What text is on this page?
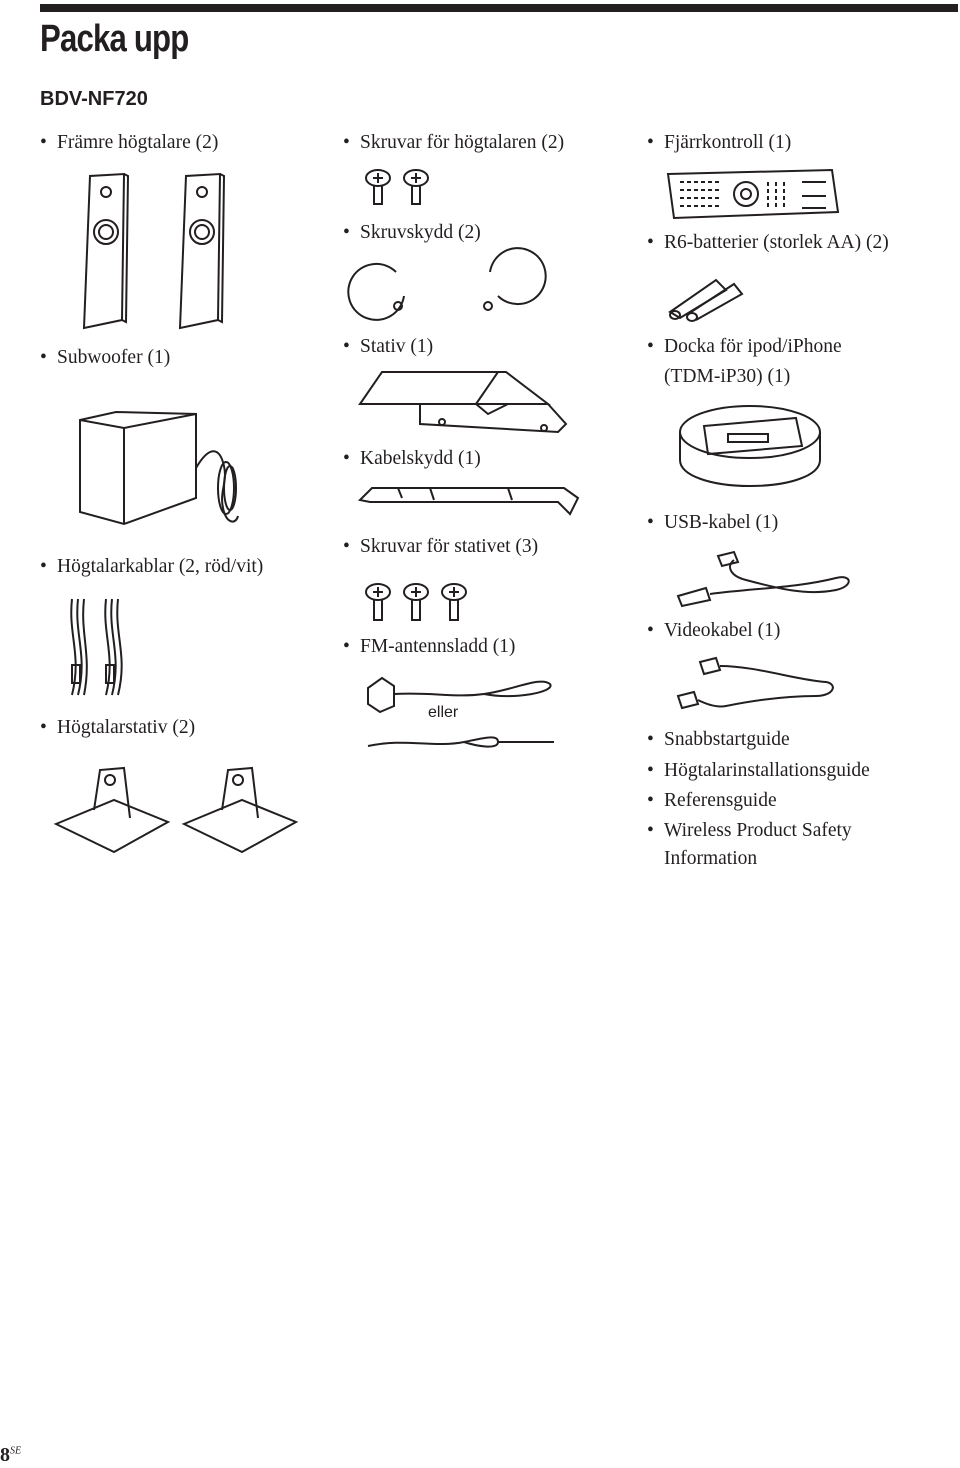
Packa upp
BDV-NF720
• Främre högtalare (2)
• Subwoofer (1)
• Högtalarkablar (2, röd/vit)
• Högtalarstativ (2)
• Skruvar för högtalaren (2)
• Skruvskydd (2)
• Stativ (1)
• Kabelskydd (1)
• Skruvar för stativet (3)
• FM-antennsladd (1)
eller
• Fjärrkontroll (1)
• R6-batterier (storlek AA) (2)
• Docka för ipod/iPhone
(TDM-iP30) (1)
• USB-kabel (1)
• Videokabel (1)
• Snabbstartguide
• Högtalarinstallationsguide
• Referensguide
• Wireless Product Safety
Information
$8^{SE}$
